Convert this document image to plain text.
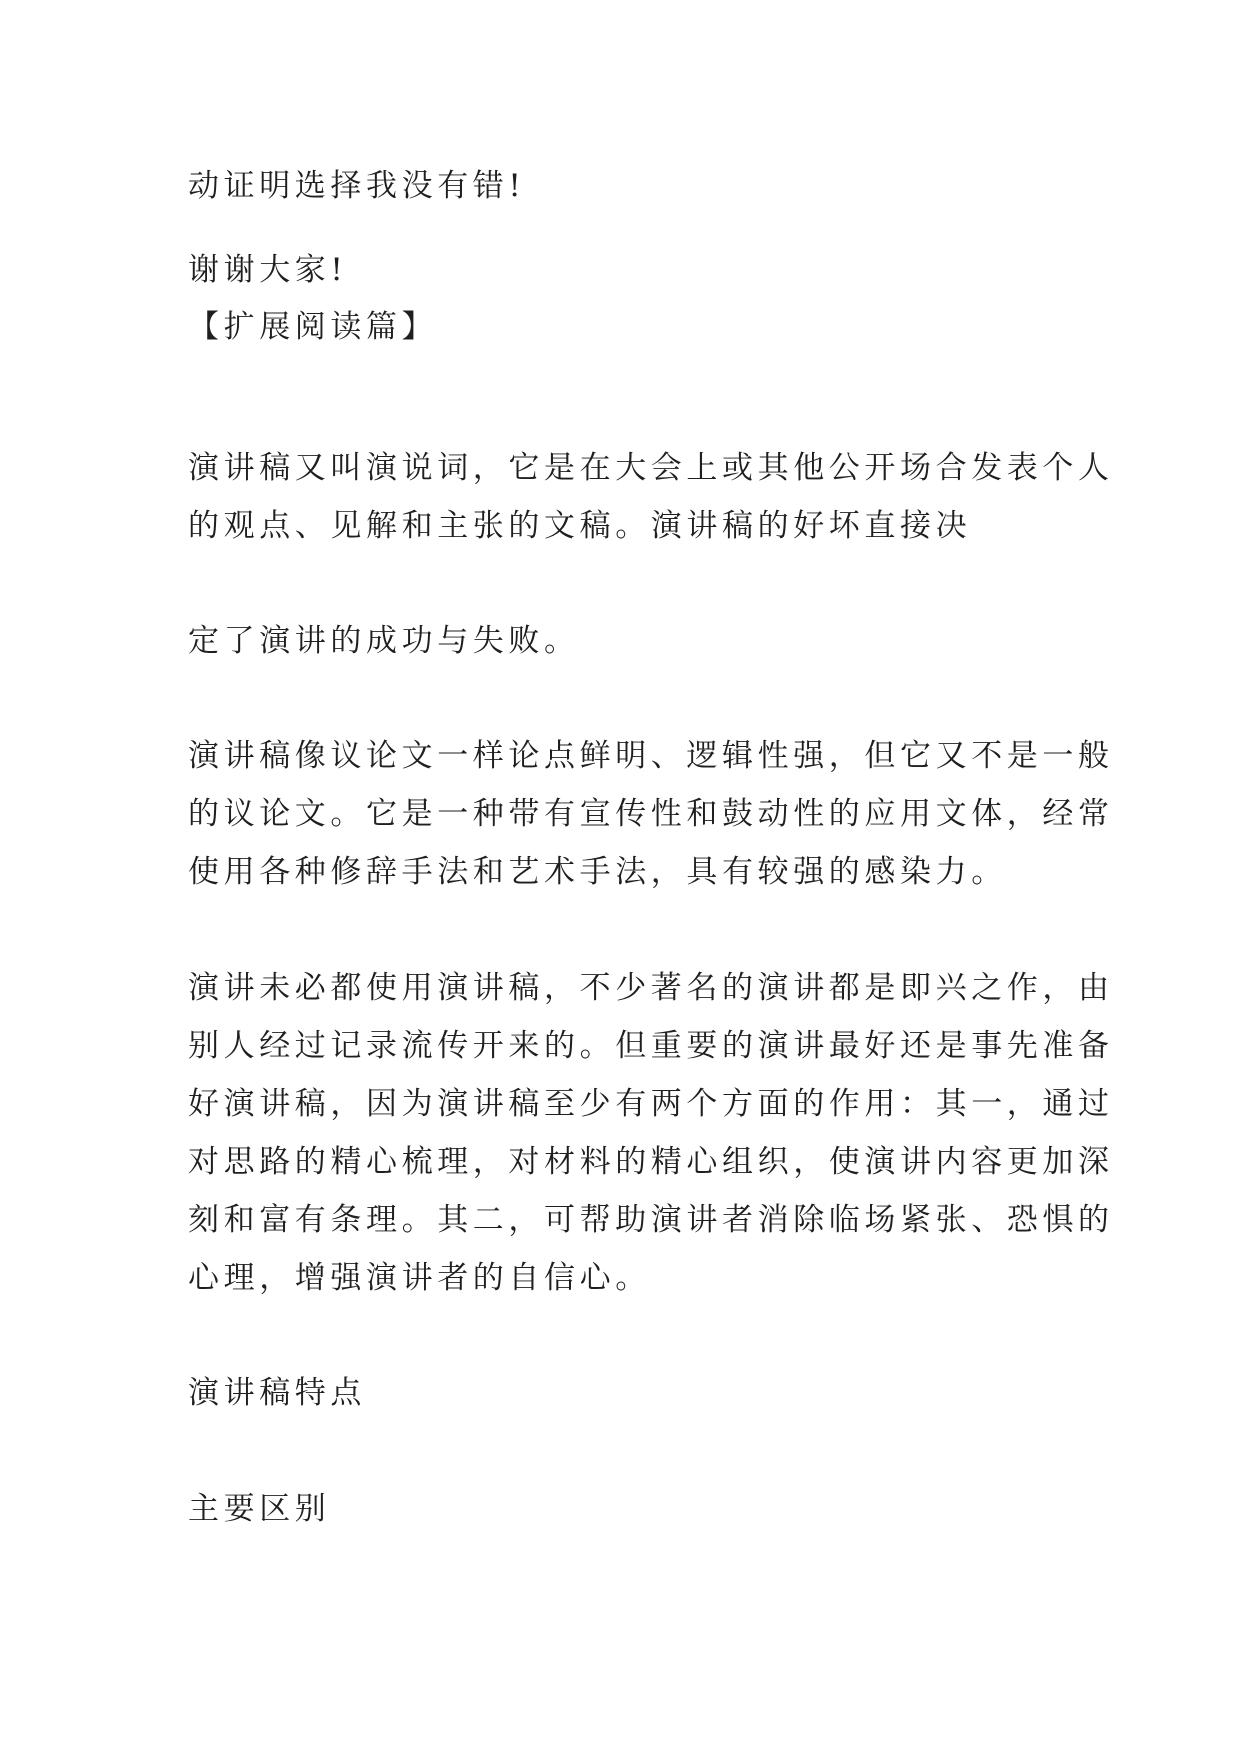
动证明选择我没有错!

谢谢大家!

【扩展阅读篇】

演讲稿又叫演说词，它是在大会上或其他公开场合发表个人

的观点、见解和主张的文稿。演讲稿的好坏直接决

定了演讲的成功与失败。

演讲稿像议论文一样论点鲜明、逻辑性强，但它又不是一般

的议论文。它是一种带有宣传性和鼓动性的应用文体，经常

使用各种修辞手法和艺术手法，具有较强的感染力。

演讲未必都使用演讲稿，不少著名的演讲都是即兴之作，由

别人经过记录流传开来的。但重要的演讲最好还是事先准备

好演讲稿，因为演讲稿至少有两个方面的作用：其一，通过

对思路的精心梳理，对材料的精心组织，使演讲内容更加深

刻和富有条理。其二，可帮助演讲者消除临场紧张、恐惧的

心理，增强演讲者的自信心。

演讲稿特点

主要区别
